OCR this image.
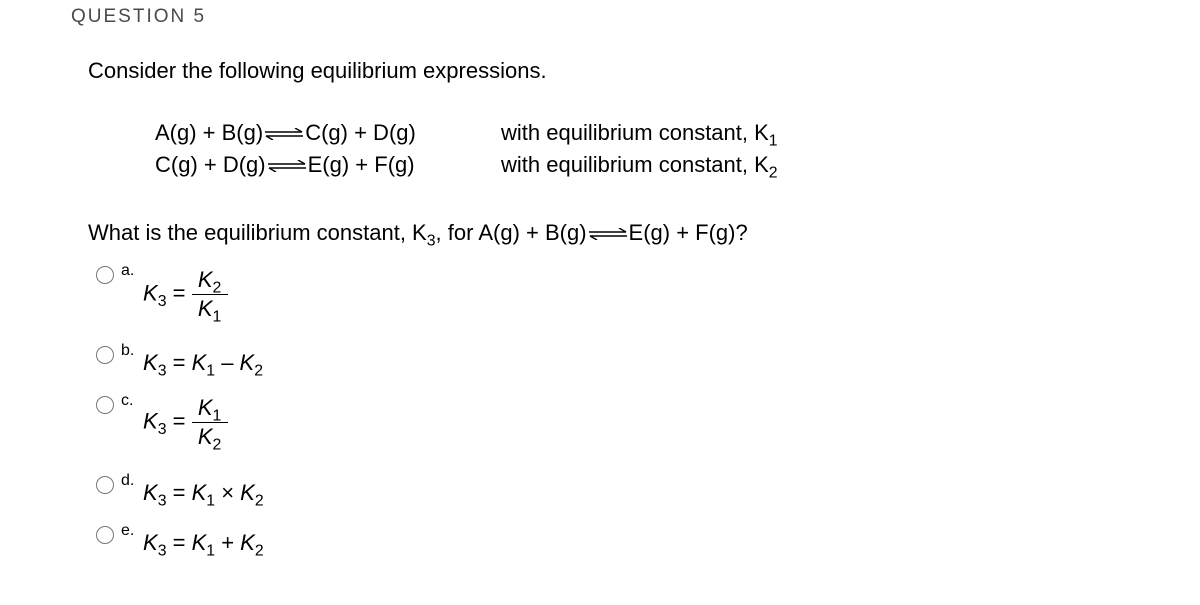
QUESTION 5
Consider the following equilibrium expressions.
A(g) + B(g)⇌C(g) + D(g)	with equilibrium constant, $K_1$
C(g) + D(g)⇌E(g) + F(g)	with equilibrium constant, $K_2$
What is the equilibrium constant, $K_3$, for A(g) + B(g)⇌E(g) + F(g)?
a.
$K_3 = \frac{K_2}{K_1}$
b. $K_3 = K_1 - K_2$
c.
$K_3 = \frac{K_1}{K_2}$
d. $K_3 = K_1 \times K_2$
e. $K_3 = K_1 + K_2$
